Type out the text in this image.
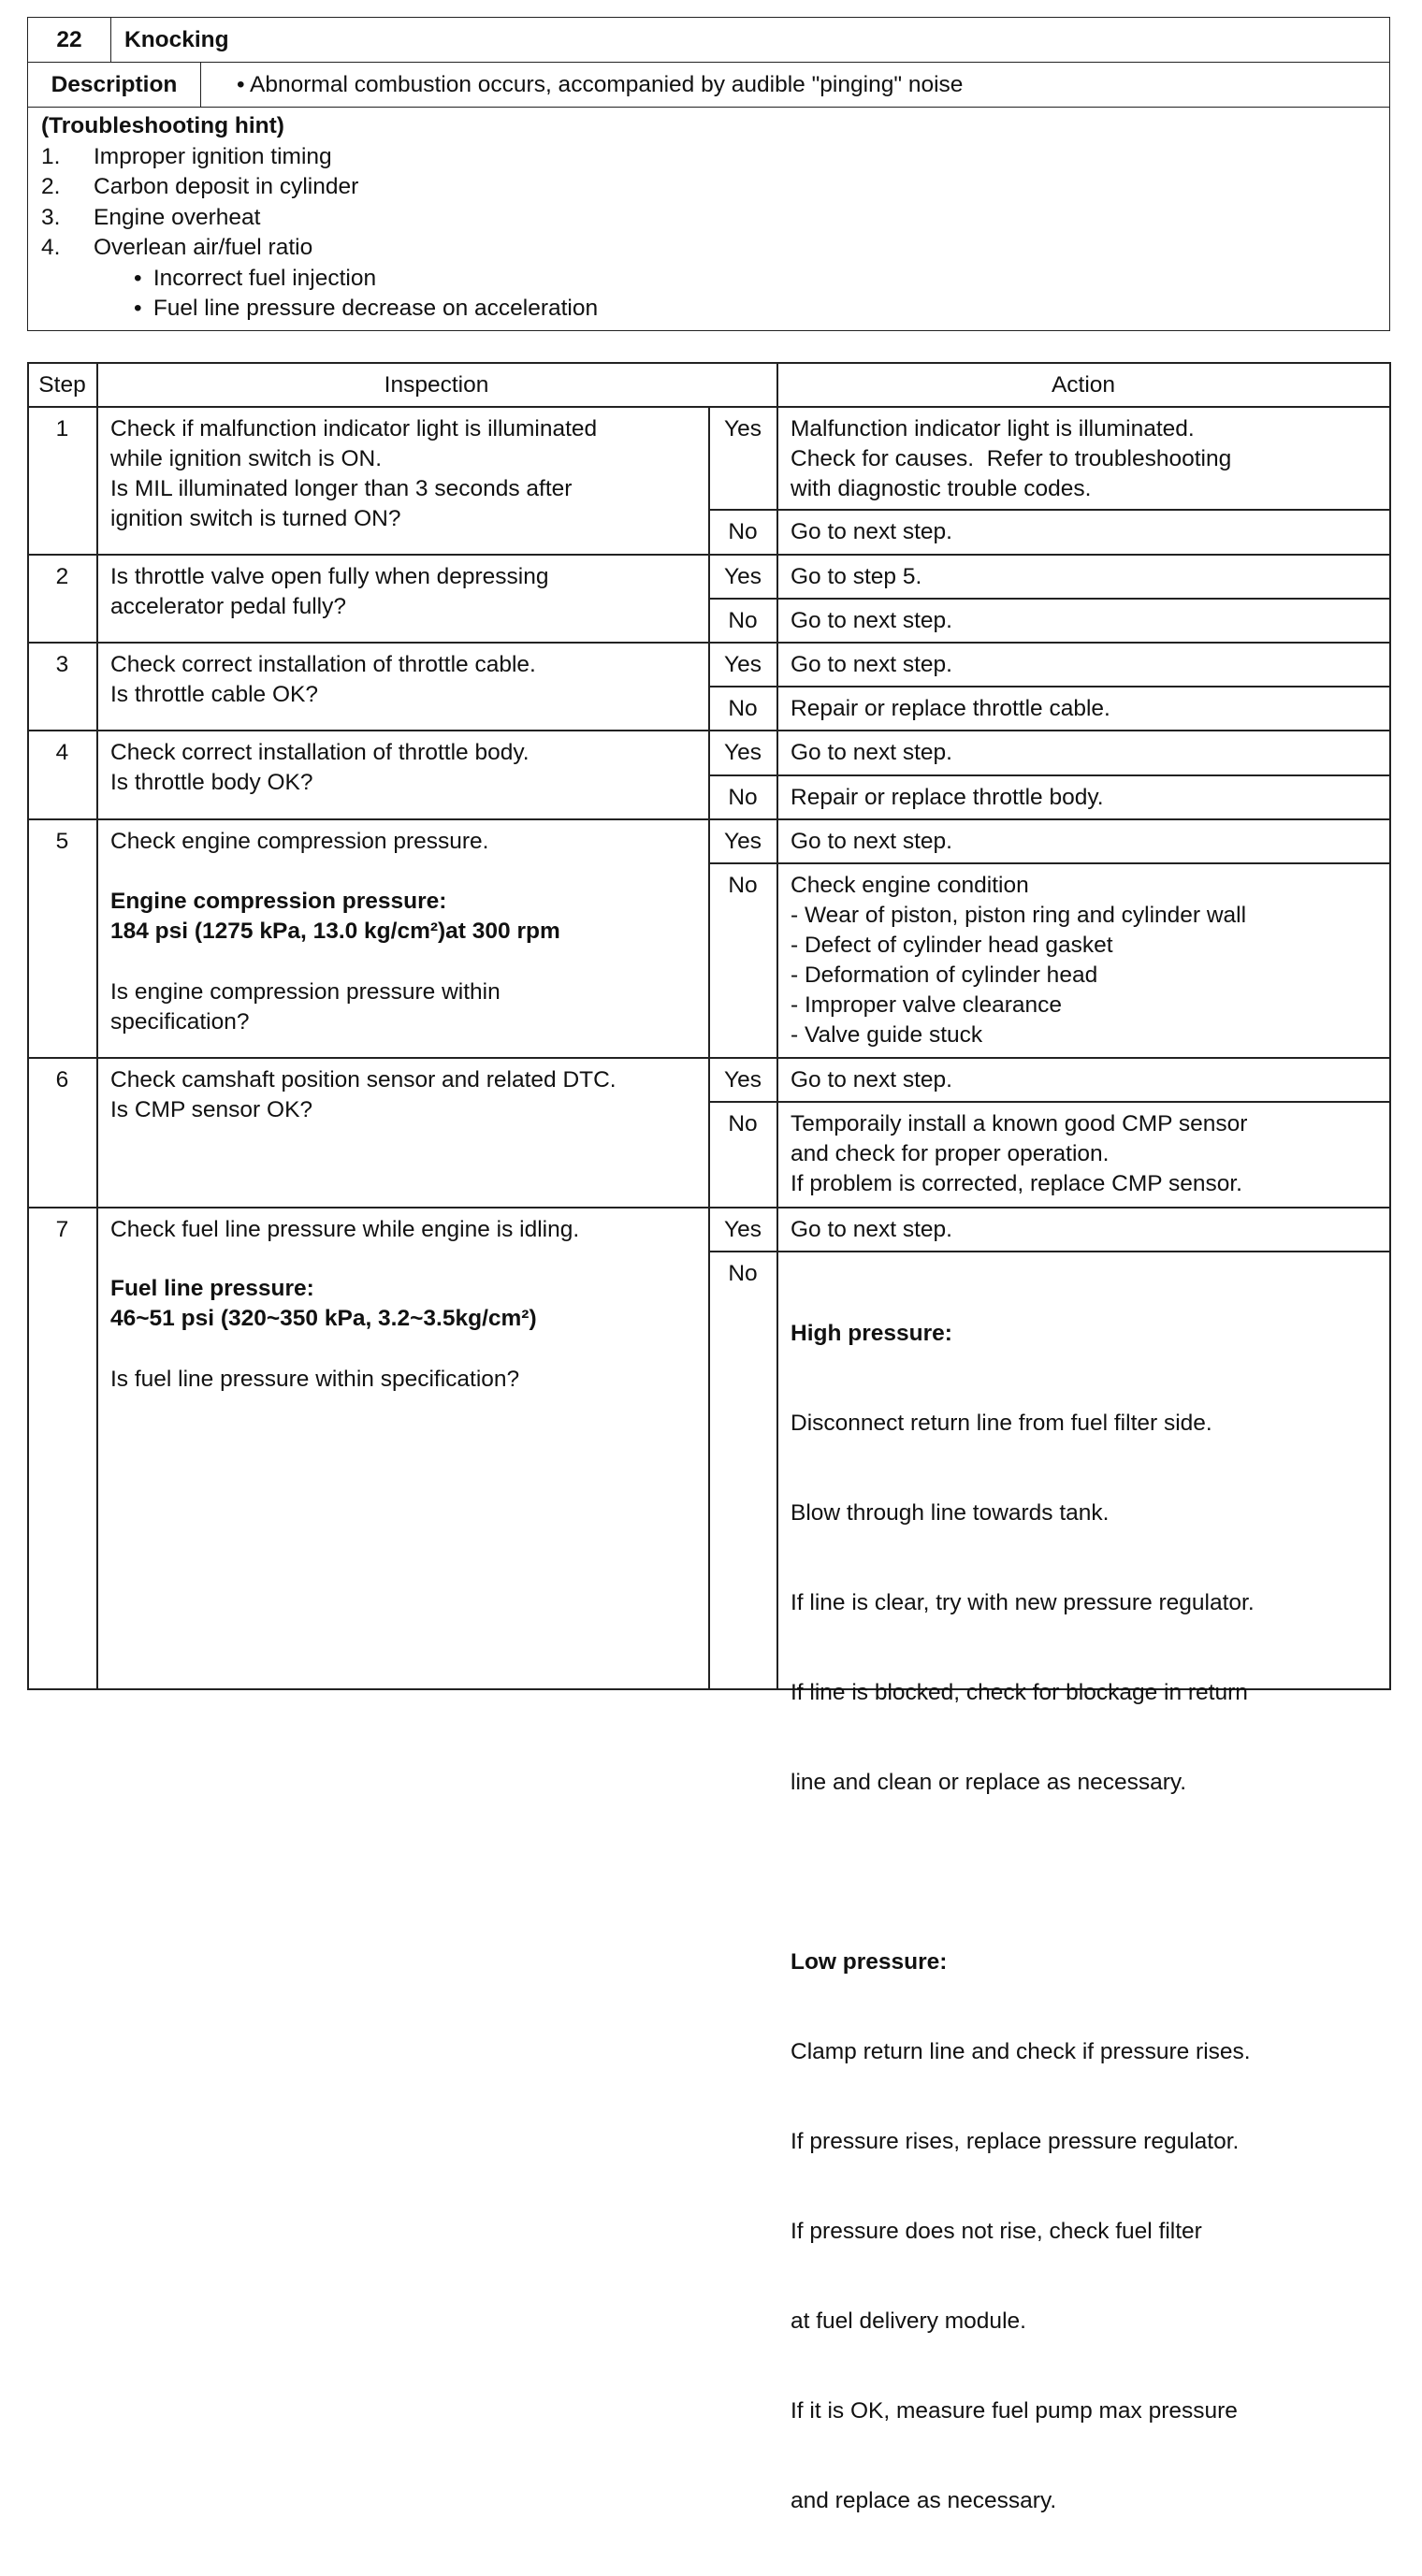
22	Knocking
Description	• Abnormal combustion occurs, accompanied by audible "pinging" noise
(Troubleshooting hint)
1.	Improper ignition timing
2.	Carbon deposit in cylinder
3.	Engine overheat
4.	Overlean air/fuel ratio
•
Incorrect fuel injection
•
Fuel line pressure decrease on acceleration
Step	Inspection	Action
1	Check if malfunction indicator light is illuminated
while ignition switch is ON.
Is MIL illuminated longer than 3 seconds after
ignition switch is turned ON?
Yes	Malfunction indicator light is illuminated.
Check for causes.  Refer to troubleshooting
with diagnostic trouble codes.
No	Go to next step.
2	Is throttle valve open fully when depressing
accelerator pedal fully?
Yes	Go to step 5.
No	Go to next step.
3	Check correct installation of throttle cable.
Is throttle cable OK?
Yes	Go to next step.
No	Repair or replace throttle cable.
4	Check correct installation of throttle body.
Is throttle body OK?
Yes	Go to next step.
No	Repair or replace throttle body.
5	Check engine compression pressure.
Engine compression pressure:
184 psi (1275 kPa, 13.0 kg/cm²)at 300 rpm
Is engine compression pressure within
specification?
Yes	Go to next step.
No	Check engine condition
- Wear of piston, piston ring and cylinder wall
- Defect of cylinder head gasket
- Deformation of cylinder head
- Improper valve clearance
- Valve guide stuck
6	Check camshaft position sensor and related DTC.
Is CMP sensor OK?
Yes	Go to next step.
No	Temporaily install a known good CMP sensor
and check for proper operation.
If problem is corrected, replace CMP sensor.
7	Check fuel line pressure while engine is idling.
Fuel line pressure:
46~51 psi (320~350 kPa, 3.2~3.5kg/cm²)
Is fuel line pressure within specification?
Yes	Go to next step.
No

High pressure:

Disconnect return line from fuel filter side.

Blow through line towards tank.

If line is clear, try with new pressure regulator.

If line is blocked, check for blockage in return

line and clean or replace as necessary.

Low pressure:

Clamp return line and check if pressure rises.

If pressure rises, replace pressure regulator.

If pressure does not rise, check fuel filter

at fuel delivery module.

If it is OK, measure fuel pump max pressure

and replace as necessary.
